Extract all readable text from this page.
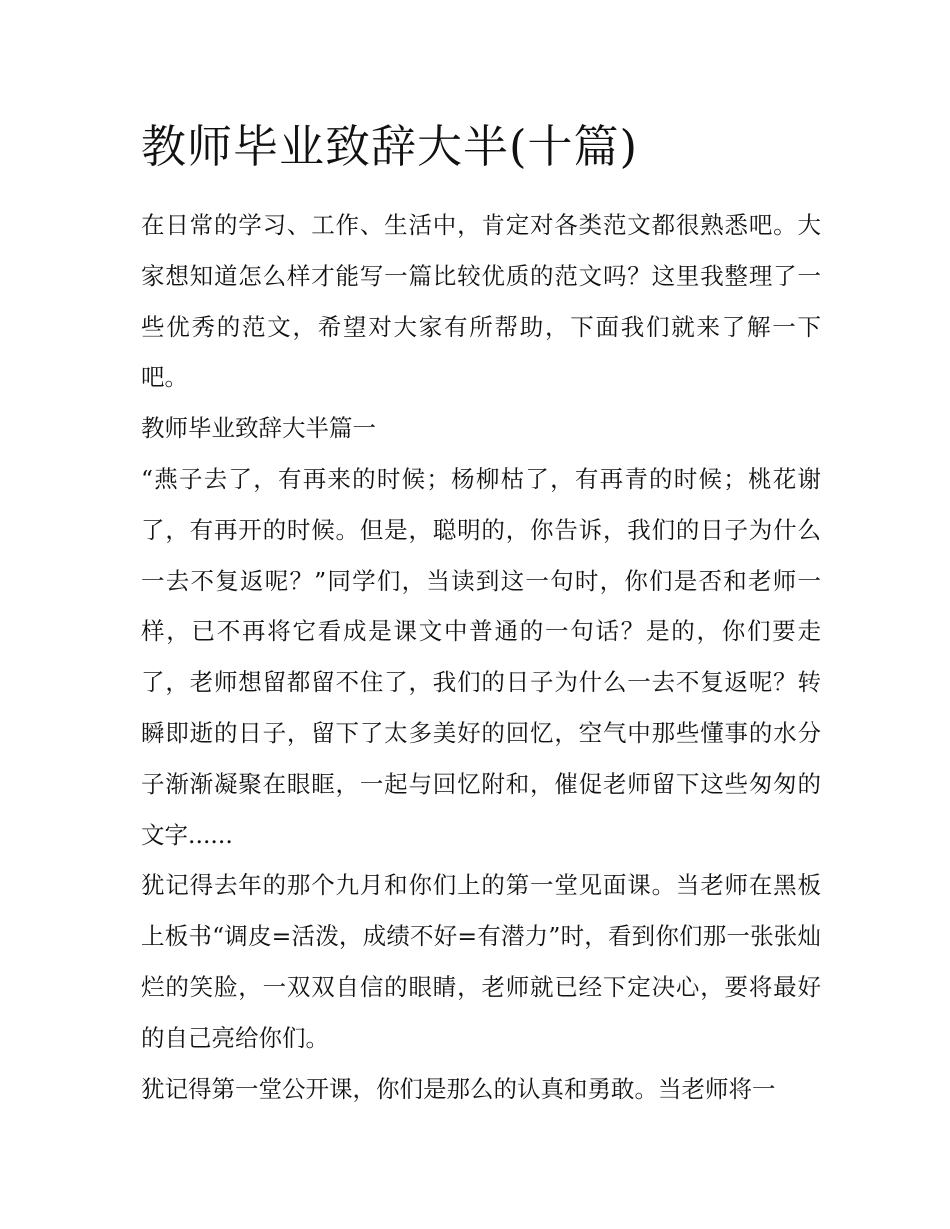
教师毕业致辞大半(十篇)

在日常的学习、工作、生活中，肯定对各类范文都很熟悉吧。大家想知道怎么样才能写一篇比较优质的范文吗？这里我整理了一些优秀的范文，希望对大家有所帮助，下面我们就来了解一下吧。

教师毕业致辞大半篇一

“燕子去了，有再来的时候；杨柳枯了，有再青的时候；桃花谢了，有再开的时候。但是，聪明的，你告诉，我们的日子为什么一去不复返呢？”同学们，当读到这一句时，你们是否和老师一样，已不再将它看成是课文中普通的一句话？是的，你们要走了，老师想留都留不住了，我们的日子为什么一去不复返呢？转瞬即逝的日子，留下了太多美好的回忆，空气中那些懂事的水分子渐渐凝聚在眼眶，一起与回忆附和，催促老师留下这些匆匆的文字......

犹记得去年的那个九月和你们上的第一堂见面课。当老师在黑板上板书“调皮=活泼，成绩不好=有潜力”时，看到你们那一张张灿烂的笑脸，一双双自信的眼睛，老师就已经下定决心，要将最好的自己亮给你们。

犹记得第一堂公开课，你们是那么的认真和勇敢。当老师将一
